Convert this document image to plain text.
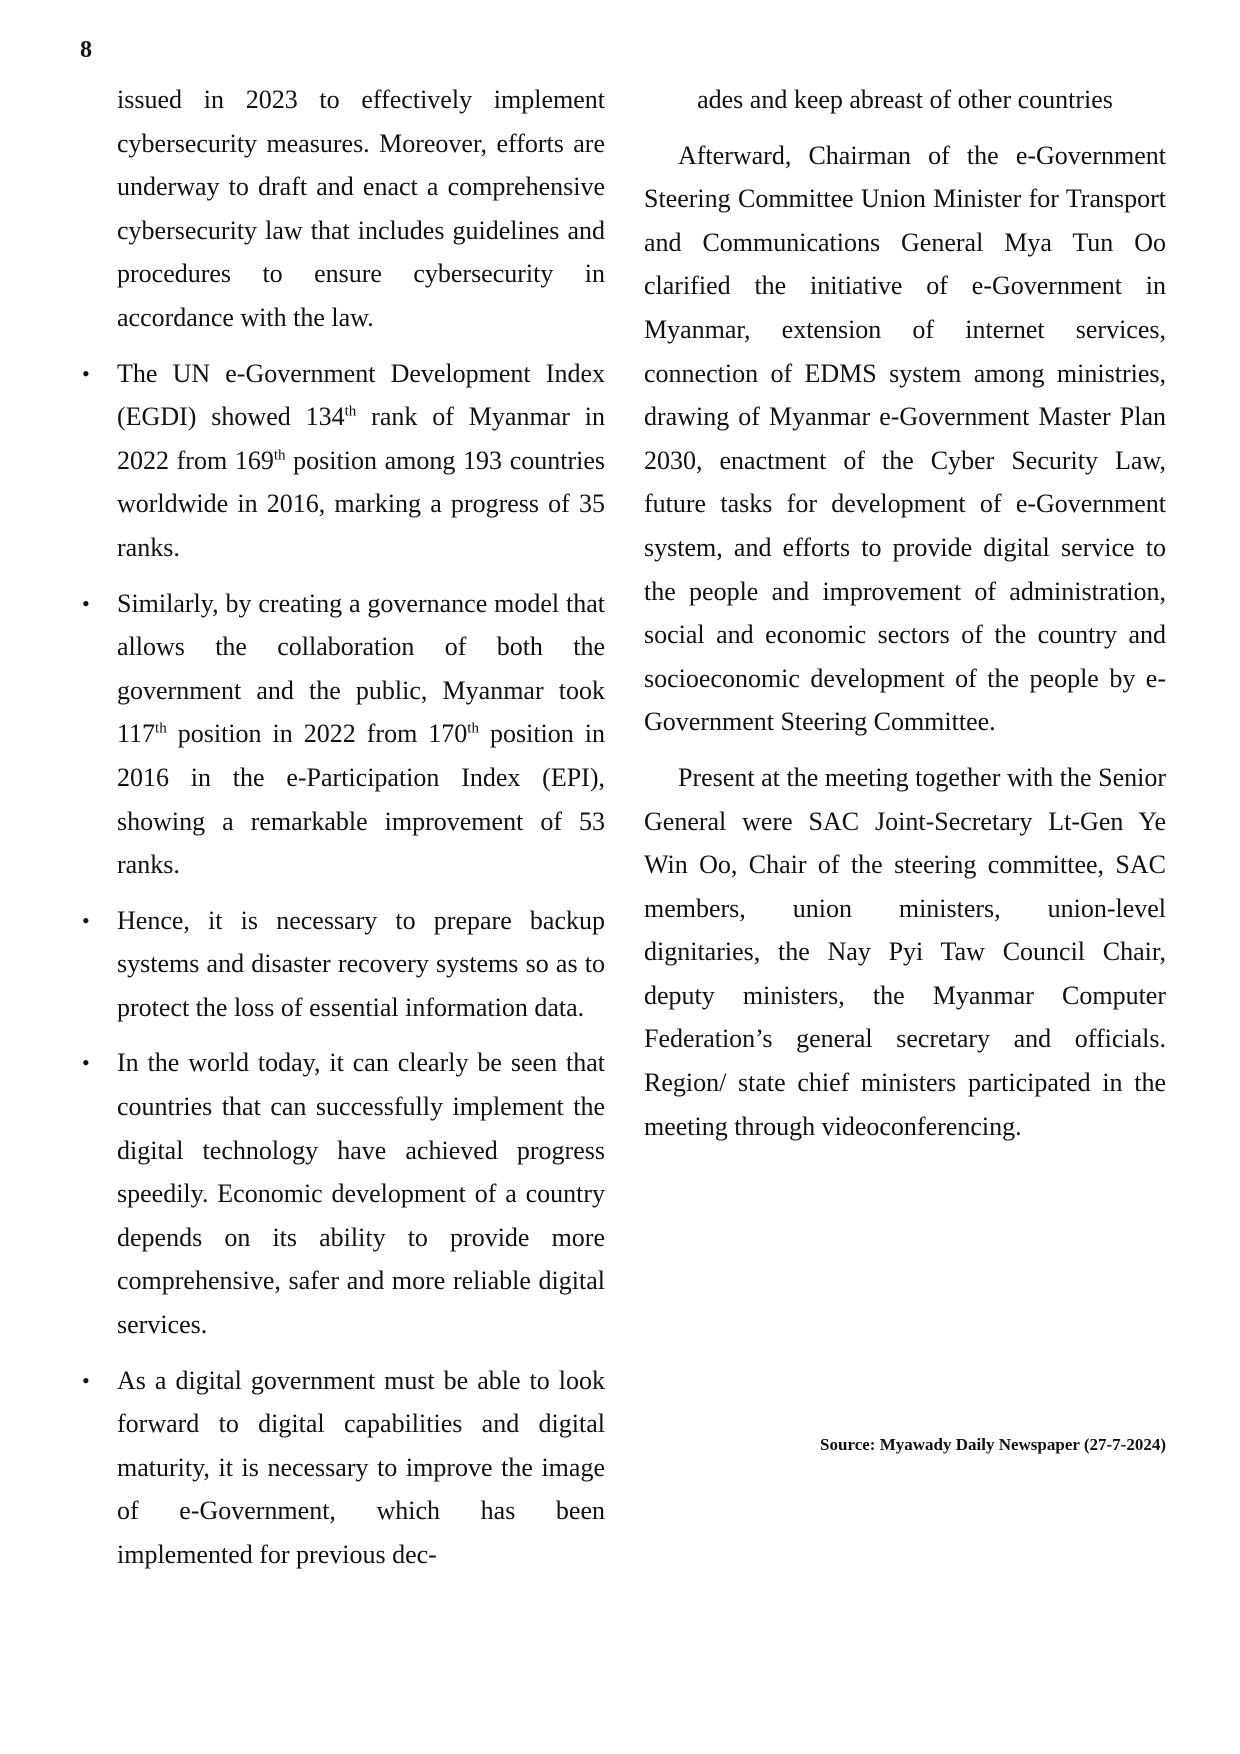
8

issued in 2023 to effectively implement cybersecurity measures. Moreover, efforts are underway to draft and enact a comprehensive cybersecurity law that includes guidelines and procedures to ensure cybersecurity in accordance with the law.

• The UN e-Government Development Index (EGDI) showed 134th rank of Myanmar in 2022 from 169th position among 193 countries worldwide in 2016, marking a progress of 35 ranks.
• Similarly, by creating a governance model that allows the collaboration of both the government and the public, Myanmar took 117th position in 2022 from 170th position in 2016 in the e-Participation Index (EPI), showing a remarkable improvement of 53 ranks.
• Hence, it is necessary to prepare backup systems and disaster recovery systems so as to protect the loss of essential information data.
• In the world today, it can clearly be seen that countries that can successfully implement the digital technology have achieved progress speedily. Economic development of a country depends on its ability to provide more comprehensive, safer and more reliable digital services.
• As a digital government must be able to look forward to digital capabilities and digital maturity, it is necessary to improve the image of e-Government, which has been implemented for previous dec-

ades and keep abreast of other countries

Afterward, Chairman of the e-Government Steering Committee Union Minister for Transport and Communications General Mya Tun Oo clarified the initiative of e-Government in Myanmar, extension of internet services, connection of EDMS system among ministries, drawing of Myanmar e-Government Master Plan 2030, enactment of the Cyber Security Law, future tasks for development of e-Government system, and efforts to provide digital service to the people and improvement of administration, social and economic sectors of the country and socioeconomic development of the people by e-Government Steering Committee.

Present at the meeting together with the Senior General were SAC Joint-Secretary Lt-Gen Ye Win Oo, Chair of the steering committee, SAC members, union ministers, union-level dignitaries, the Nay Pyi Taw Council Chair, deputy ministers, the Myanmar Computer Federation’s general secretary and officials. Region/ state chief ministers participated in the meeting through videoconferencing.

Source: Myawady Daily Newspaper (27-7-2024)
